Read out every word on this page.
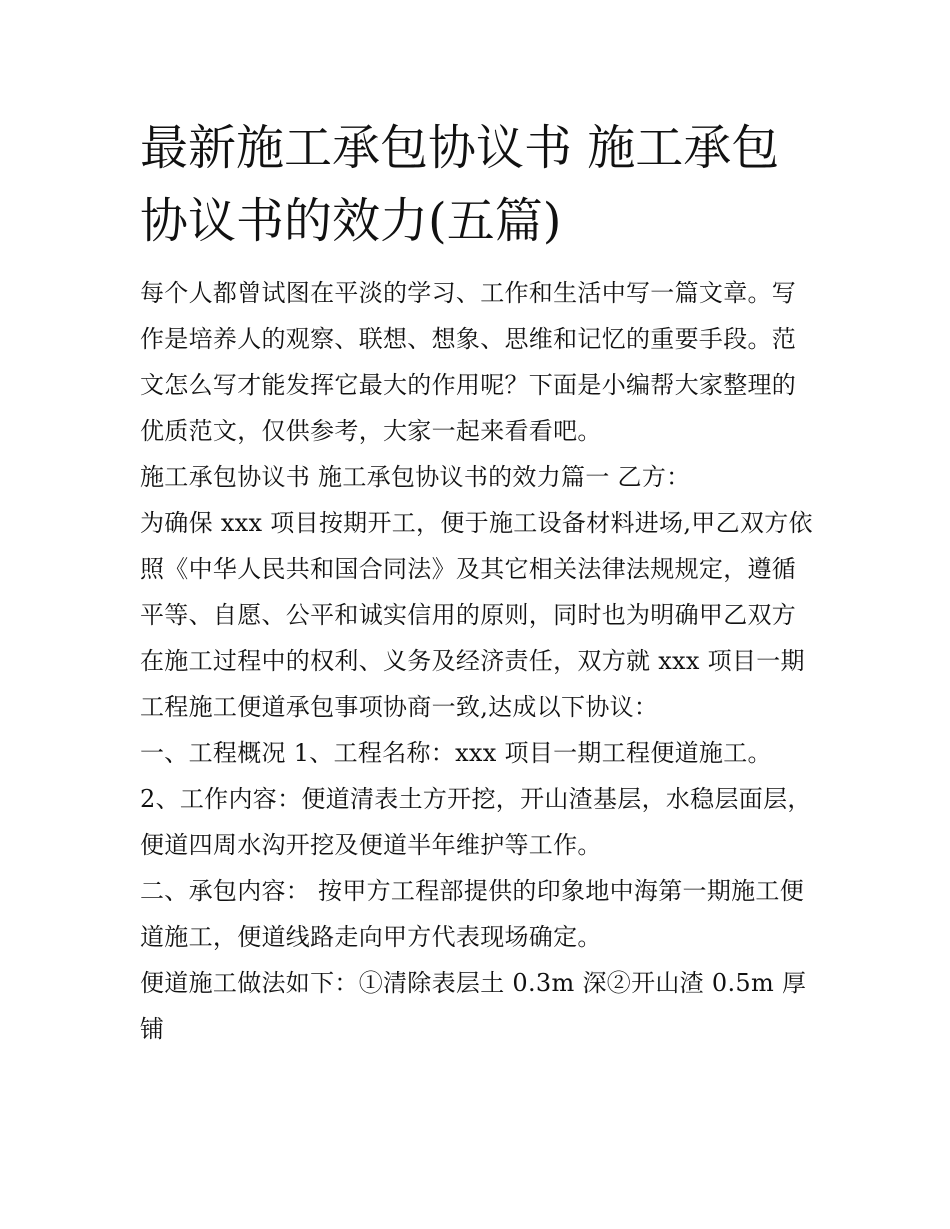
最新施工承包协议书 施工承包协议书的效力(五篇)

每个人都曾试图在平淡的学习、工作和生活中写一篇文章。写作是培养人的观察、联想、想象、思维和记忆的重要手段。范文怎么写才能发挥它最大的作用呢？下面是小编帮大家整理的优质范文，仅供参考，大家一起来看看吧。

施工承包协议书 施工承包协议书的效力篇一 乙方：

为确保 xxx 项目按期开工，便于施工设备材料进场,甲乙双方依照《中华人民共和国合同法》及其它相关法律法规规定，遵循平等、自愿、公平和诚实信用的原则，同时也为明确甲乙双方在施工过程中的权利、义务及经济责任，双方就 xxx 项目一期工程施工便道承包事项协商一致,达成以下协议：

一、工程概况 1、工程名称：xxx 项目一期工程便道施工。

2、工作内容：便道清表土方开挖，开山渣基层，水稳层面层，便道四周水沟开挖及便道半年维护等工作。

二、承包内容： 按甲方工程部提供的印象地中海第一期施工便道施工，便道线路走向甲方代表现场确定。

便道施工做法如下：①清除表层土 0.3m 深②开山渣 0.5m 厚铺
